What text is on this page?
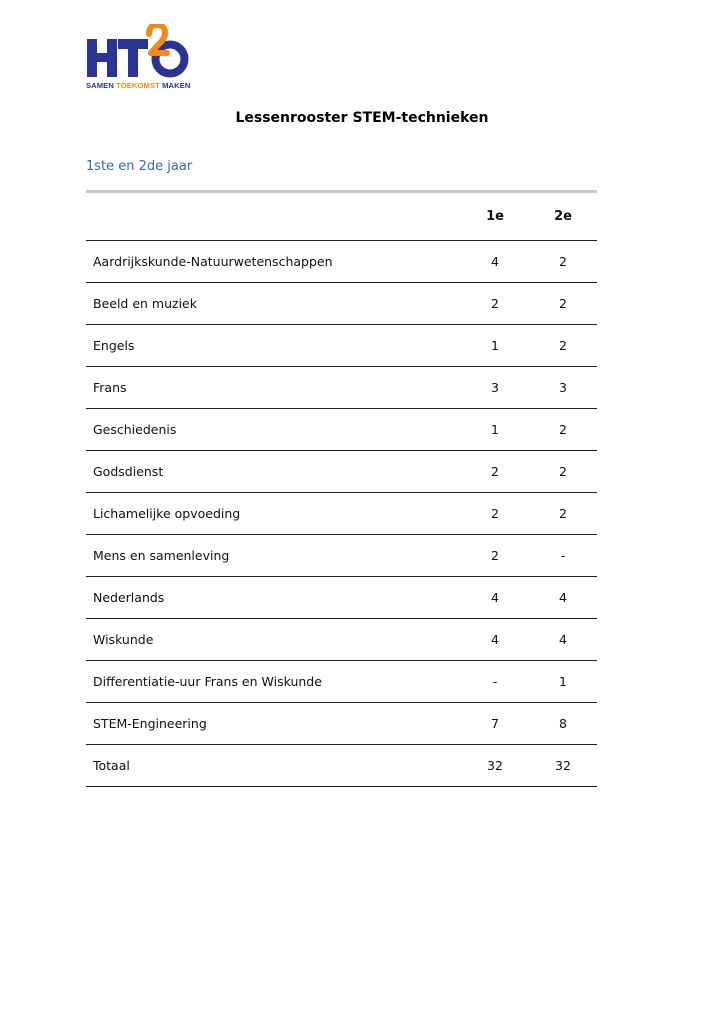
SAMEN TOEKOMST MAKEN
Lessenrooster STEM-technieken
1ste en 2de jaar
	1e	2e
Aardrijkskunde-Natuurwetenschappen	4	2
Beeld en muziek	2	2
Engels	1	2
Frans	3	3
Geschiedenis	1	2
Godsdienst	2	2
Lichamelijke opvoeding	2	2
Mens en samenleving	2	-
Nederlands	4	4
Wiskunde	4	4
Differentiatie-uur Frans en Wiskunde	-	1
STEM-Engineering	7	8
Totaal	32	32
